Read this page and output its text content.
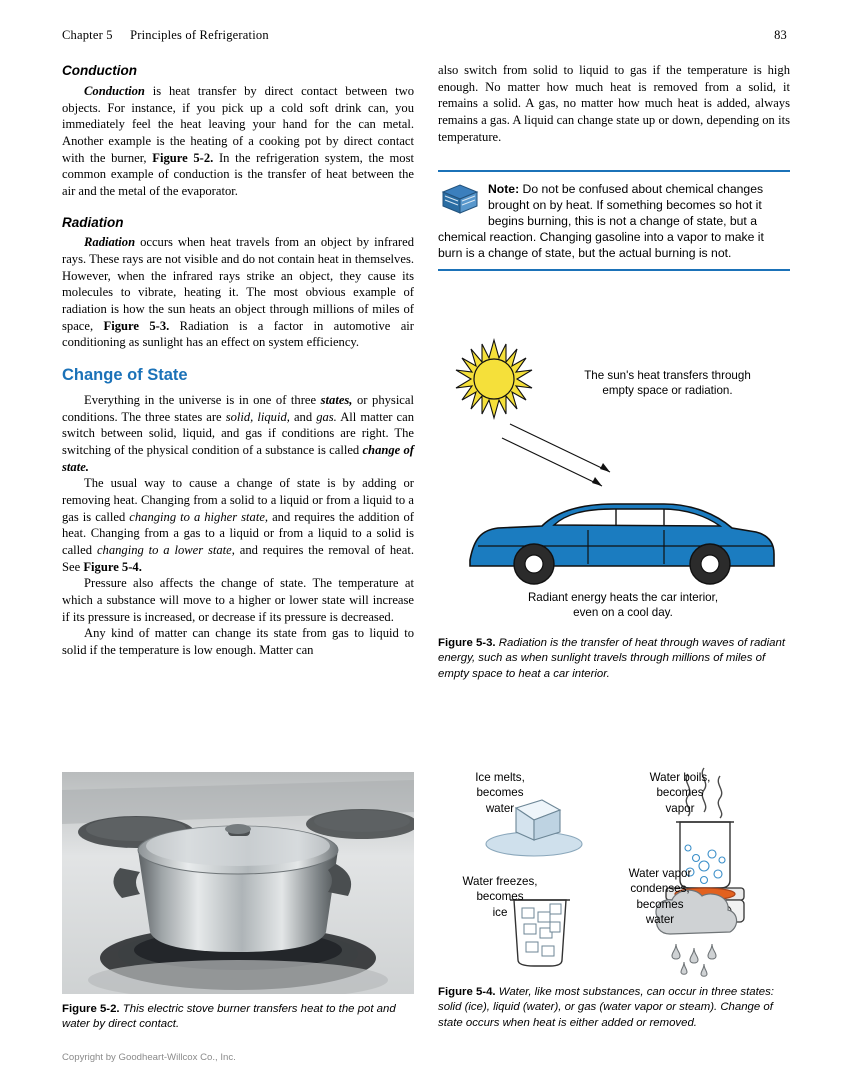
Chapter 5 Principles of Refrigeration	83
Conduction

Conduction is heat transfer by direct contact between two objects. For instance, if you pick up a cold soft drink can, you immediately feel the heat leaving your hand for the can metal. Another example is the heating of a cooking pot by direct contact with the burner, Figure 5-2. In the refrigeration system, the most common example of conduction is the transfer of heat between the air and the metal of the evaporator.

Radiation

Radiation occurs when heat travels from an object by infrared rays. These rays are not visible and do not contain heat in themselves. However, when the infrared rays strike an object, they cause its molecules to vibrate, heating it. The most obvious example of radiation is how the sun heats an object through millions of miles of space, Figure 5-3. Radiation is a factor in automotive air conditioning as sunlight has an effect on system efficiency.

Change of State

Everything in the universe is in one of three states, or physical conditions. The three states are solid, liquid, and gas. All matter can switch between solid, liquid, and gas if conditions are right. The switching of the physical condition of a substance is called change of state.

The usual way to cause a change of state is by adding or removing heat. Changing from a solid to a liquid or from a liquid to a gas is called changing to a higher state, and requires the addition of heat. Changing from a gas to a liquid or from a liquid to a solid is called changing to a lower state, and requires the removal of heat. See Figure 5-4.

Pressure also affects the change of state. The temperature at which a substance will move to a higher or lower state will increase if its pressure is increased, or decrease if its pressure is decreased.

Any kind of matter can change its state from gas to liquid to solid if the temperature is low enough. Matter can

also switch from solid to liquid to gas if the temperature is high enough. No matter how much heat is removed from a solid, it remains a solid. A gas, no matter how much heat is added, always remains a gas. A liquid can change state up or down, depending on its temperature.

Note: Do not be confused about chemical changes brought on by heat. If something becomes so hot it begins burning, this is not a change of state, but a chemical reaction. Changing gasoline into a vapor to make it burn is a change of state, but the actual burning is not.
The sun's heat transfers through
empty space or radiation.
Radiant energy heats the car interior,
even on a cool day.
Figure 5-3. Radiation is the transfer of heat through waves of radiant energy, such as when sunlight travels through millions of miles of empty space to heat a car interior.
Ice melts,
becomes
water
Water boils,
becomes
vapor
Water freezes,
becomes
ice
Water vapor
condenses,
becomes
water
Figure 5-4. Water, like most substances, can occur in three states: solid (ice), liquid (water), or gas (water vapor or steam). Change of state occurs when heat is either added or removed.
Figure 5-2. This electric stove burner transfers heat to the pot and water by direct contact.
Copyright by Goodheart-Willcox Co., Inc.
